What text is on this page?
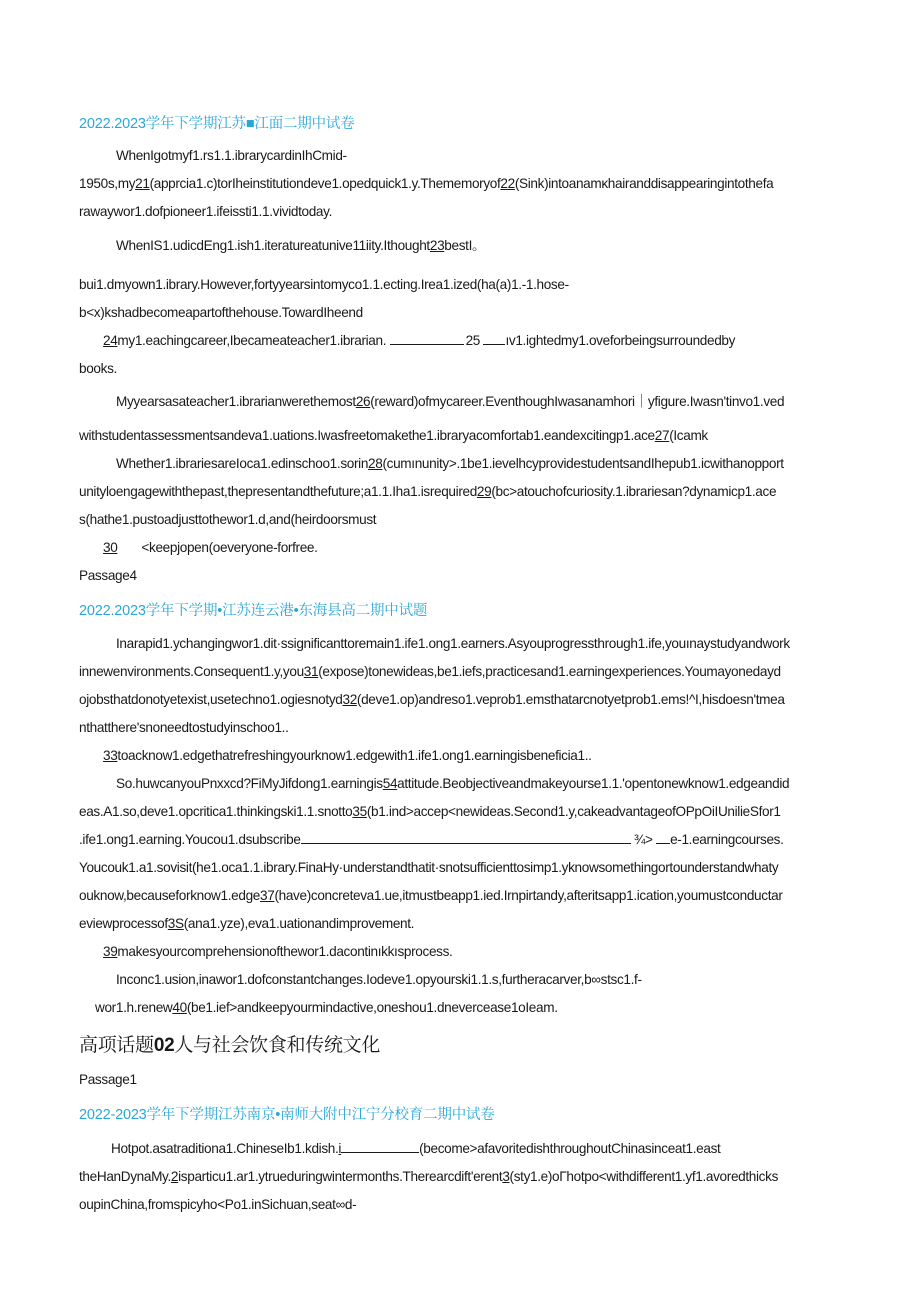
2022.2023学年下学期江苏■江面二期中试卷
WhenIgotmyf1.rs1.1.ibrarycardinIhCmid-
1950s,my21(apprcia1.c)torIheinstitutiondeve1.opedquick1.y.Thememoryof22(Sink)intoanamĸhairanddisappearingintothefa
rawaywor1.dofpioneer1.ifeissti1.1.vividtoday.
WhenIS1.udicdEng1.ish1.iteratureatunive11iity.Ithought23bestI。
bui1.dmyown1.ibrary.However,fortyyearsintomyco1.1.ecting.Irea1.ized(ha(a)1.-1.hose-
b<x)kshadbecomeapartofthehouse.TowardIheend
24my1.eachingcareer,Ibecameateacher1.ibrarian.	25 ıv1.ightedmy1.oveforbeingsurroundedby
books.
Myyearsasateacher1.ibrarianwerethemost26(reward)ofmycareer.EventhoughIwasanamhori｜yfigure.Iwasn'tinvo1.ved
withstudentassessmentsandeva1.uations.Iwasfreetomakethe1.ibraryacomfortab1.eandexcitingp1.ace27(Icamk
Whether1.ibrariesareIoca1.edinschoo1.sorin28(cumınunity>.1be1.ievelhcyprovidestudentsandIhepub1.icwithanopport
unityloengagewiththepast,thepresentandthefuture;a1.1.Iha1.isrequired29(bc>atouchofcuriosity.1.ibrariesan?dynamicp1.ace
s(hathe1.pustoadjusttothewor1.d,and(heirdoorsmust
30 <keepjopen(oeveryone-forfree.
Passage4
2022.2023学年下学期•江苏连云港•东海县高二期中试题
Inarapid1.ychangingwor1.dit·ssignificanttoremain1.ife1.ong1.earners.Asyouprogressthrough1.ife,youınaystudyandwork
innewenvironments.Consequent1.y,you31(expose)tonewideas,be1.iefs,practicesand1.earningexperiences.Youmayonedayd
ojobsthatdonotyetexist,usetechno1.ogiesnotyd32(deve1.op)andreso1.veprob1.emsthatarcnotyetprob1.ems!^I,hisdoesn'tmea
nthatthere'snoneedtostudyinschoo1..
33toacknow1.edgethatrefreshingyourknow1.edgewith1.ife1.ong1.earningisbeneficia1..
So.huwcanyouPnxxcd?FiMyJifdong1.earningis54attitude.Beobjectiveandmakeyourse1.1.'opentonewknow1.edgeandid
eas.A1.so,deve1.opcritica1.thinkingski1.1.snotto35(b1.ind>accep<newideas.Second1.y,cakeadvantageofOPpOiIUnilieSfor1
.ife1.ong1.earning.Youcou1.dsubscribe	¾> e-1.earningcourses.
Youcouk1.a1.sovisit(he1.oca1.1.ibrary.FinaHy·understandthatit·snotsufficienttosimp1.yknowsomethingortounderstandwhaty
ouknow,becauseforknow1.edge37(have)concreteva1.ue,itmustbeapp1.ied.Irnpirtandy,afteritsapp1.ication,youmustconductar
eviewprocessof3S(ana1.yze),eva1.uationandimprovement.
39makesyourcomprehensionofthewor1.dacontinıkkısprocess.
Inconc1.usion,inawor1.dofconstantchanges.Iodeve1.opyourski1.1.s,furtheracarver,b∞stsc1.f-
wor1.h.renew40(be1.ief>andkeepyourmindactive,oneshou1.dnevercease1oIeam.
高项话题02人与社会饮食和传统文化
Passage1
2022-2023学年下学期江苏南京•南师大附中江宁分校育二期中试卷
Hotpot.asatraditiona1.ChineseIb1.kdish.i	(become>afavoritedishthroughoutChinasinceat1.east
theHanDynaMy.2isparticu1.ar1.ytrueduringwintermonths.Therearcdift'erent3(sty1.e)oΓhotpo<withdifferent1.yf1.avoredthicks
oupinChina,fromspicyho<Po1.inSichuan,seat∞d-
